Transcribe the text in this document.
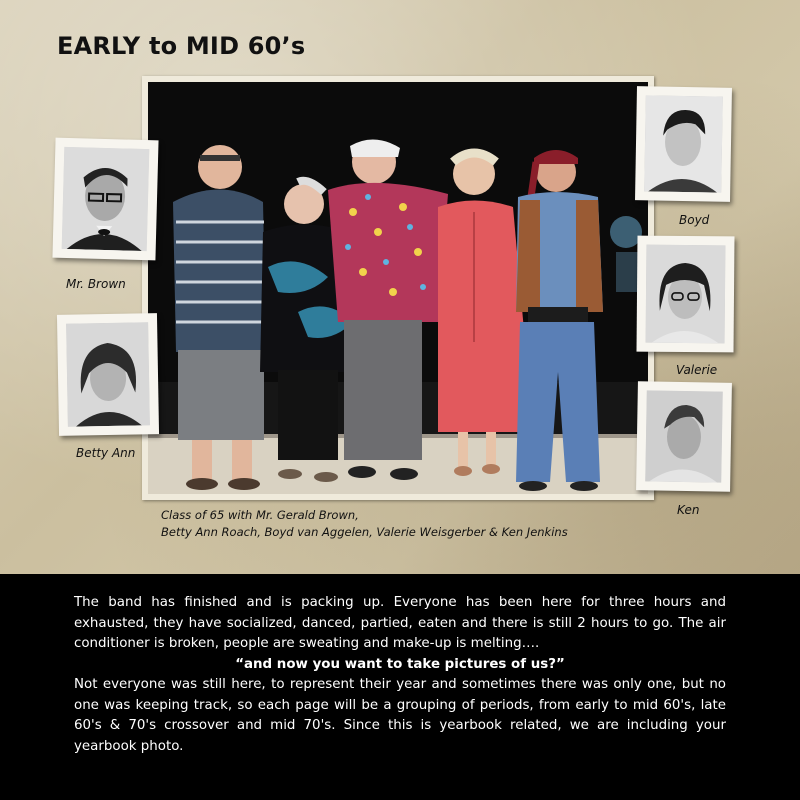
EARLY to MID 60’s
Mr. Brown
Betty Ann
Boyd
Valerie
Ken
Class of 65 with Mr. Gerald Brown,
Betty Ann Roach, Boyd van Aggelen, Valerie Weisgerber & Ken Jenkins

The band has finished and is packing up. Everyone has been here for three hours and exhausted, they have socialized, danced, partied, eaten and there is still 2 hours to go. The air conditioner is broken, people are sweating and make-up is melting….

“and now you want to take pictures of us?”

Not everyone was still here, to represent their year and sometimes there was only one, but no one was keeping track, so each page will be a grouping of periods, from early to mid 60's, late 60's & 70's crossover and mid 70's. Since this is yearbook related, we are including your yearbook photo.
